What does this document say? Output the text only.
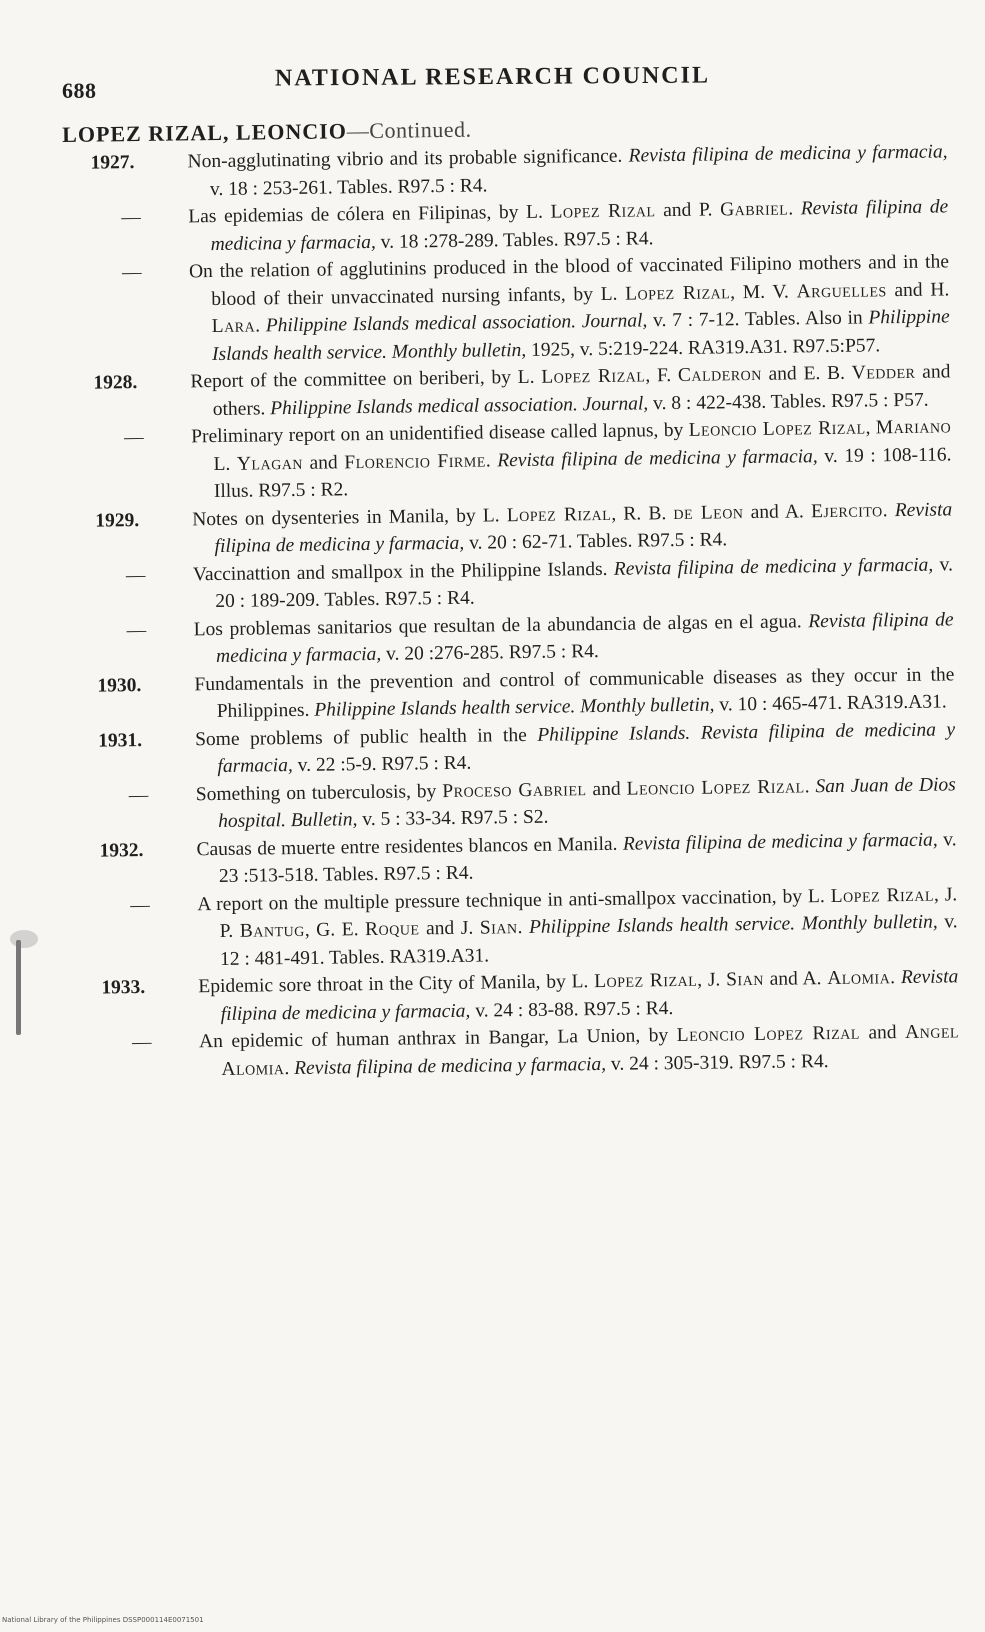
688	NATIONAL RESEARCH COUNCIL
LOPEZ RIZAL, LEONCIO—Continued.
1927.	Non-agglutinating vibrio and its probable significance. Revista filipina de medicina y farmacia, v. 18 : 253-261. Tables. R97.5 : R4.
— Las epidemias de cólera en Filipinas, by L. Lopez Rizal and P. Gabriel. Revista filipina de medicina y farmacia, v. 18 :278-289. Tables. R97.5 : R4.
— On the relation of agglutinins produced in the blood of vaccinated Filipino mothers and in the blood of their unvaccinated nursing infants, by L. Lopez Rizal, M. V. Arguelles and H. Lara. Philippine Islands medical association. Journal, v. 7 : 7-12. Tables. Also in Philippine Islands health service. Monthly bulletin, 1925, v. 5:219-224. RA319.A31. R97.5:P57.
1928.	Report of the committee on beriberi, by L. Lopez Rizal, F. Calderon and E. B. Vedder and others. Philippine Islands medical association. Journal, v. 8 : 422-438. Tables. R97.5 : P57.
— Preliminary report on an unidentified disease called lapnus, by Leoncio Lopez Rizal, Mariano L. Ylagan and Florencio Firme. Revista filipina de medicina y farmacia, v. 19 : 108-116. Illus. R97.5 : R2.
1929.	Notes on dysenteries in Manila, by L. Lopez Rizal, R. B. de Leon and A. Ejercito. Revista filipina de medicina y farmacia, v. 20 : 62-71. Tables. R97.5 : R4.
— Vaccinattion and smallpox in the Philippine Islands. Revista filipina de medicina y farmacia, v. 20 : 189-209. Tables. R97.5 : R4.
— Los problemas sanitarios que resultan de la abundancia de algas en el agua. Revista filipina de medicina y farmacia, v. 20 :276-285. R97.5 : R4.
1930.	Fundamentals in the prevention and control of communicable diseases as they occur in the Philippines. Philippine Islands health service. Monthly bulletin, v. 10 : 465-471. RA319.A31.
1931.	Some problems of public health in the Philippine Islands. Revista filipina de medicina y farmacia, v. 22 :5-9. R97.5 : R4.
— Something on tuberculosis, by Proceso Gabriel and Leoncio Lopez Rizal. San Juan de Dios hospital. Bulletin, v. 5 : 33-34. R97.5 : S2.
1932.	Causas de muerte entre residentes blancos en Manila. Revista filipina de medicina y farmacia, v. 23 :513-518. Tables. R97.5 : R4.
— A report on the multiple pressure technique in anti-smallpox vaccination, by L. Lopez Rizal, J. P. Bantug, G. E. Roque and J. Sian. Philippine Islands health service. Monthly bulletin, v. 12 : 481-491. Tables. RA319.A31.
1933.	Epidemic sore throat in the City of Manila, by L. Lopez Rizal, J. Sian and A. Alomia. Revista filipina de medicina y farmacia, v. 24 : 83-88. R97.5 : R4.
— An epidemic of human anthrax in Bangar, La Union, by Leoncio Lopez Rizal and Angel Alomia. Revista filipina de medicina y farmacia, v. 24 : 305-319. R97.5 : R4.
National Library of the Philippines DSSP000114E0071501
